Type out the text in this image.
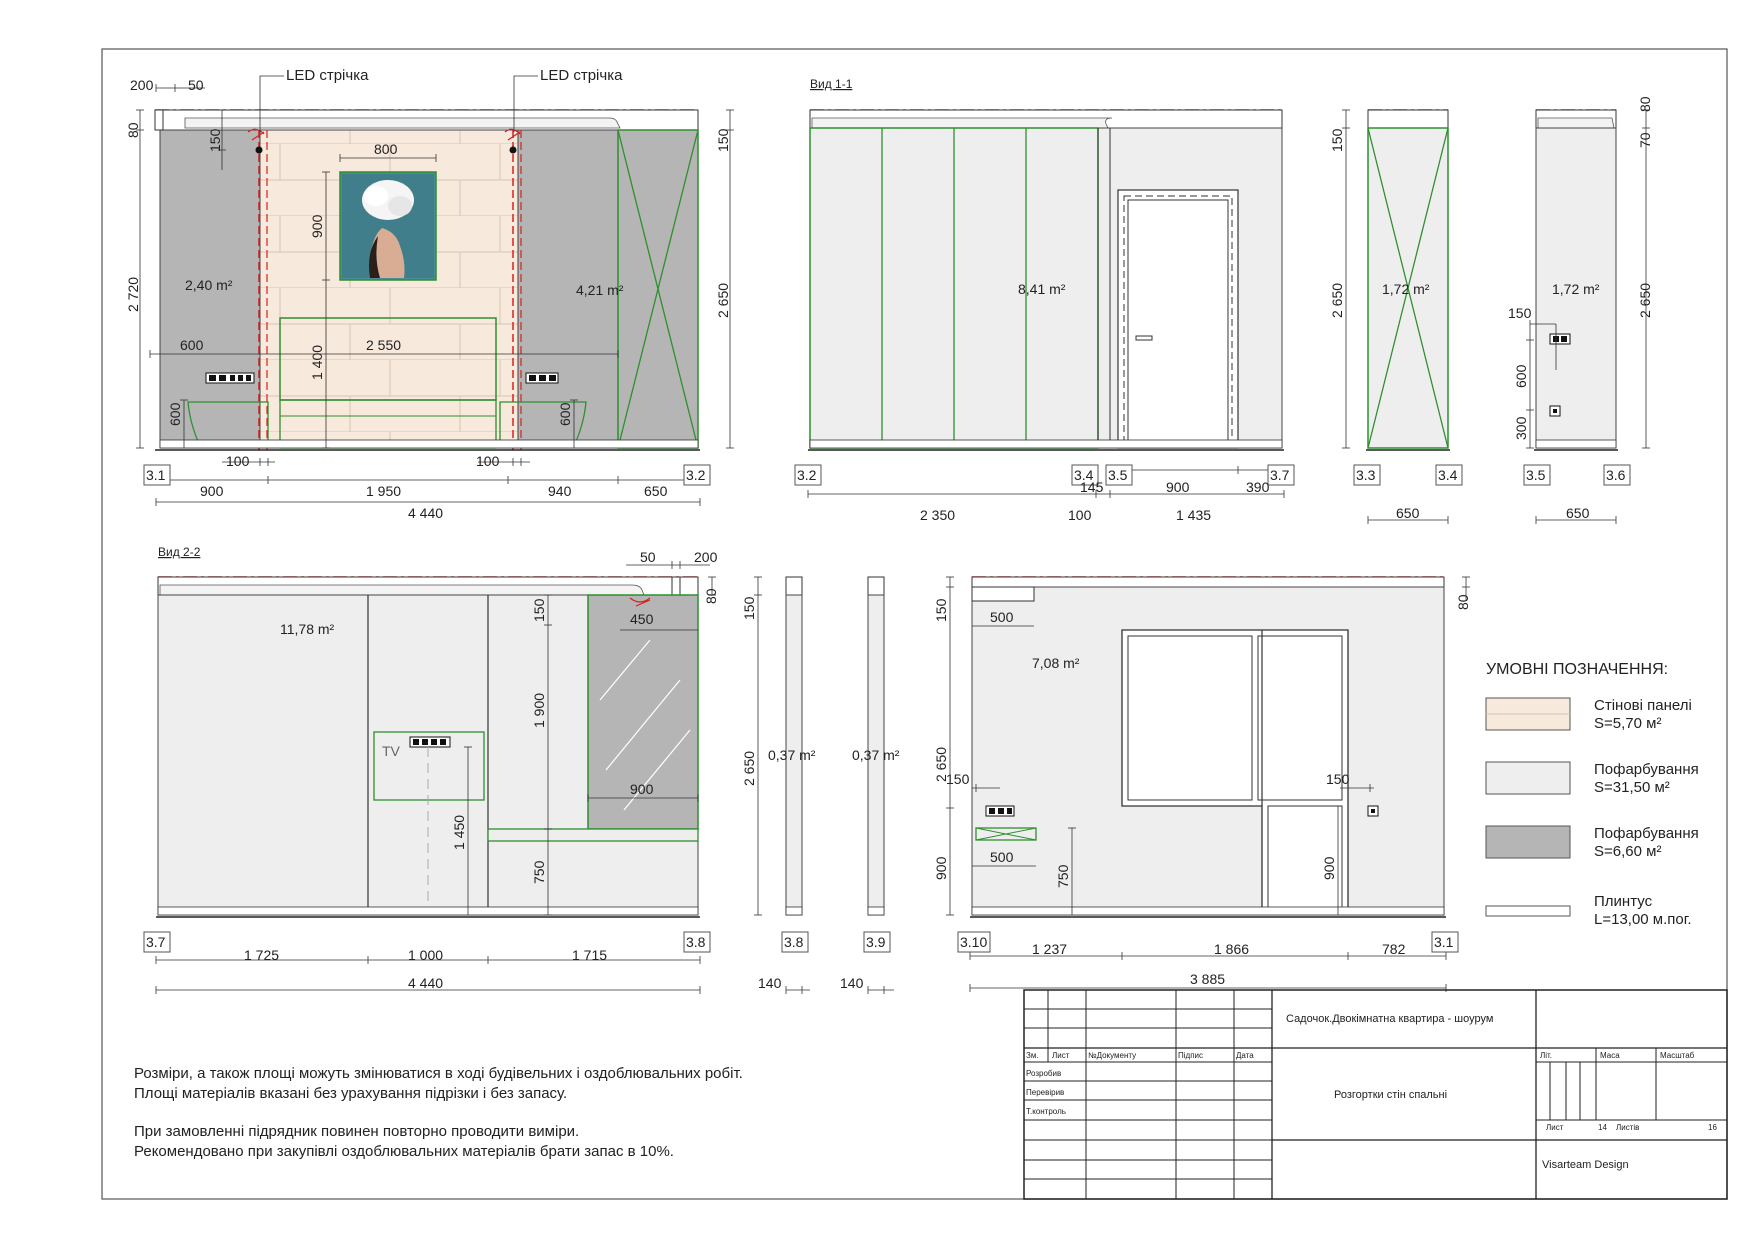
LED стрічка	LED стрічка
200 50
80	150
2 720
150
2 650
800
900
1 400	2 550
600
600	600
100	100
2,40 m²	4,21 m²
3.1	3.2
900	1 950	940	650
4 440
Вид 1-1
8,41 m²
3.2	3.4 3.5	3.7
145	900	390
2 350	100	1 435
150
2 650	1,72 m²
3.3	3.4
650
80
70
2 650
1,72 m²
150
600
300
3.5	3.6
650
Вид 2-2
TV
11,78 m²
50	200
80
150
1 900
1 450
750
450
900
3.7	3.8
1 725	1 000	1 715
4 440
150
2 650 0,37 m²
3.8
140
0,37 m²
3.9
140
7,08 m²
150
2 650
80
500
150
500
900	750
150
900
3.10	3.1
1 237	1 866	782
3 885
УМОВНІ ПОЗНАЧЕННЯ:
Стінові панелі
S=5,70 м²
Пофарбування
S=31,50 м²
Пофарбування
S=6,60 м²
Плинтус
L=13,00 м.пог.
Розміри, а також площі можуть змінюватися в ході будівельних і оздоблювальних робіт.
Площі матеріалів вказані без урахування підрізки і без запасу.
При замовленні підрядник повинен повторно проводити виміри.
Рекомендовано при закупівлі оздоблювальних матеріалів брати запас в 10%.
Садочок.Двокімнатна квартира - шоурум
Розгортки стін спальні
Visarteam Design
Зм. Лист №Документу	Підпис	Дата
Розробив
Перевірив
Т.контроль
Літ.	Маса	Масштаб
Лист	14 Листів	16
